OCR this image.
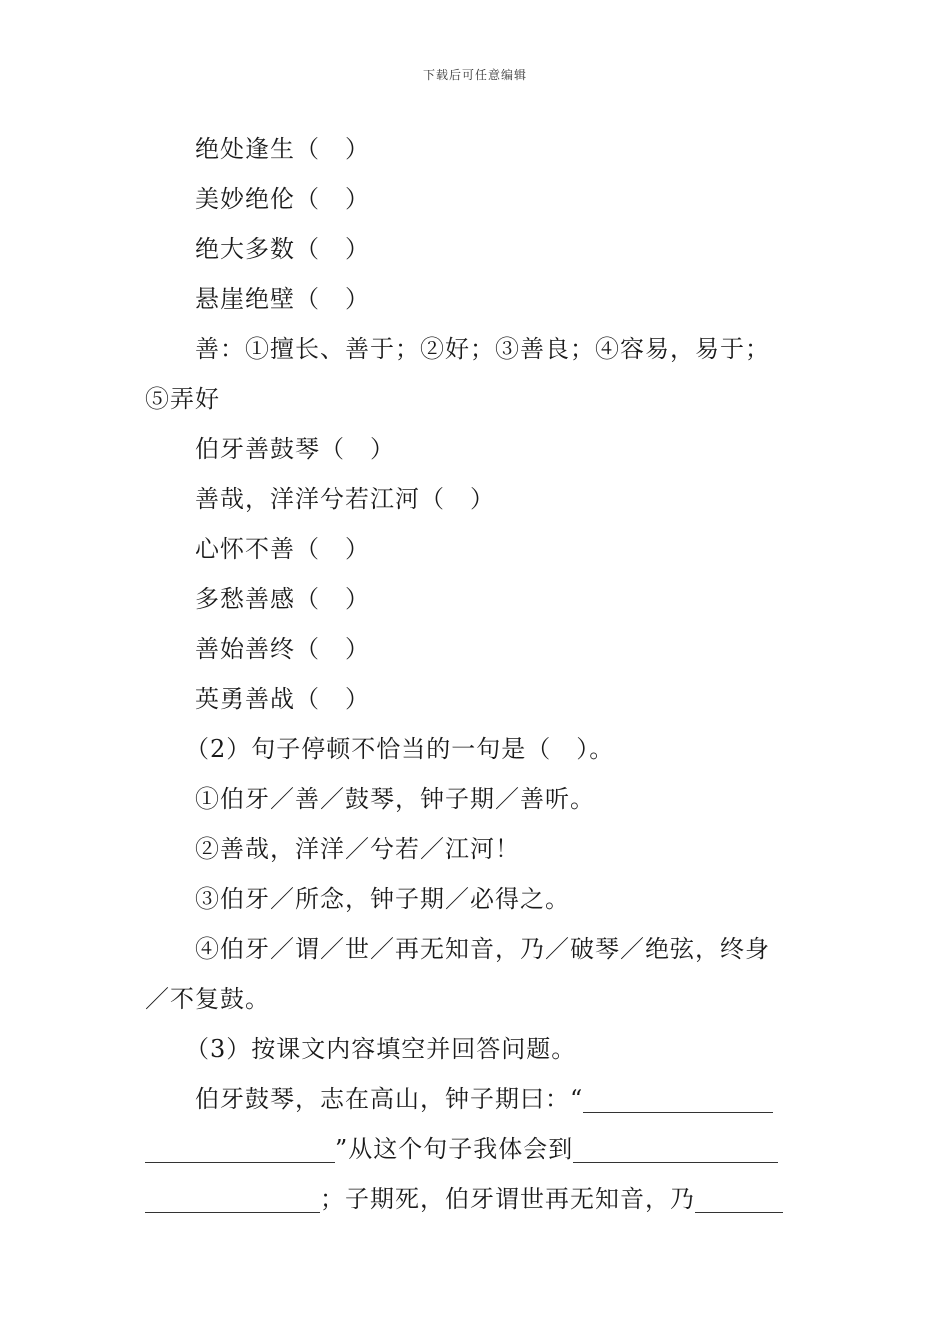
下载后可任意编辑
绝处逢生（　）
美妙绝伦（　）
绝大多数（　）
悬崖绝壁（　）
善：①擅长、善于；②好；③善良；④容易，易于；
⑤弄好
伯牙善鼓琴（　）
善哉，洋洋兮若江河（　）
心怀不善（　）
多愁善感（　）
善始善终（　）
英勇善战（　）
（2）句子停顿不恰当的一句是（　）。
①伯牙／善／鼓琴，钟子期／善听。
②善哉，洋洋／兮若／江河！
③伯牙／所念，钟子期／必得之。
④伯牙／谓／世／再无知音，乃／破琴／绝弦，终身
／不复鼓。
（3）按课文内容填空并回答问题。
伯牙鼓琴，志在高山，钟子期曰：“
”从这个句子我体会到
；子期死，伯牙谓世再无知音，乃
